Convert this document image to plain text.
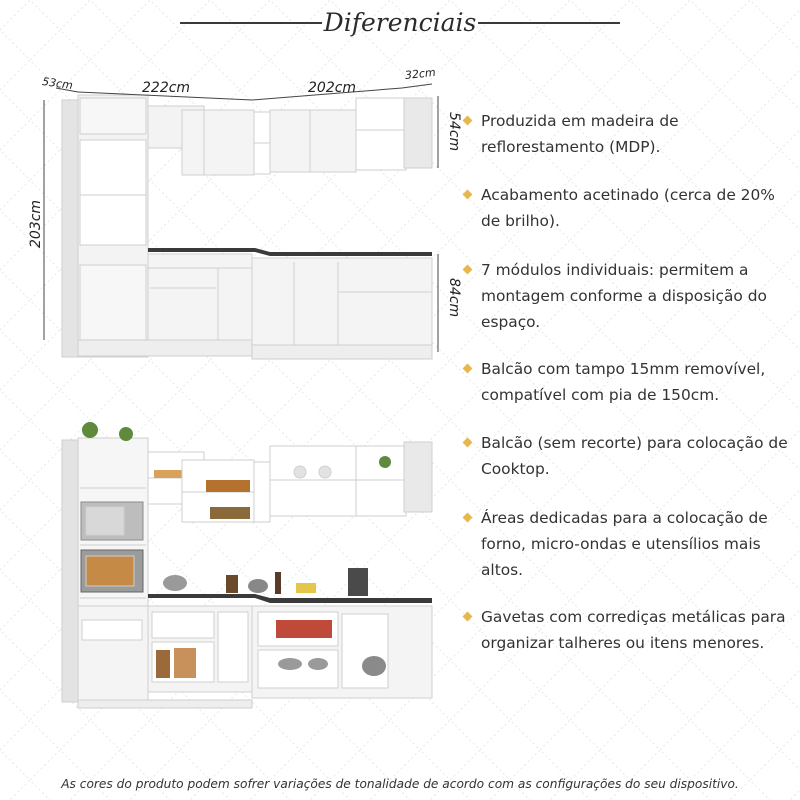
Diferenciais
53cm	222cm	202cm
32cm
54cm
203cm
84cm
Produzida em madeira de reflorestamento (MDP).
Acabamento acetinado (cerca de 20% de brilho).
7 módulos individuais: permitem a montagem conforme a disposição do espaço.
Balcão com tampo 15mm removível, compatível com pia de 150cm.
Balcão (sem recorte) para colocação de Cooktop.
Áreas dedicadas para a colocação de forno, micro-ondas e utensílios mais altos.
Gavetas com corrediças metálicas para organizar talheres ou itens menores.
As cores do produto podem sofrer variações de tonalidade de acordo com as configurações do seu dispositivo.
